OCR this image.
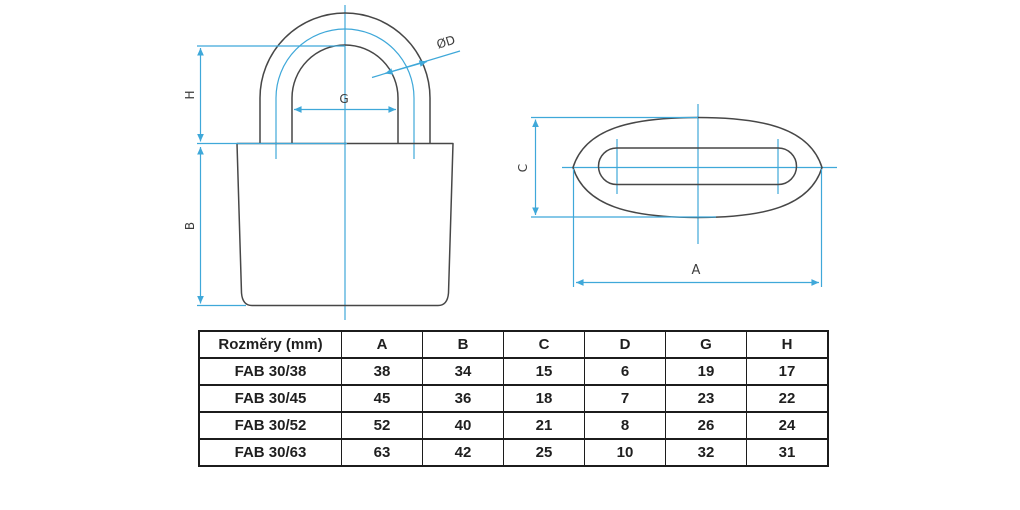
H
B
G
ØD
C
A
Rozměry (mm)	A	B	C	D	G	H
FAB 30/38	38	34	15	6	19	17
FAB 30/45	45	36	18	7	23	22
FAB 30/52	52	40	21	8	26	24
FAB 30/63	63	42	25	10	32	31
